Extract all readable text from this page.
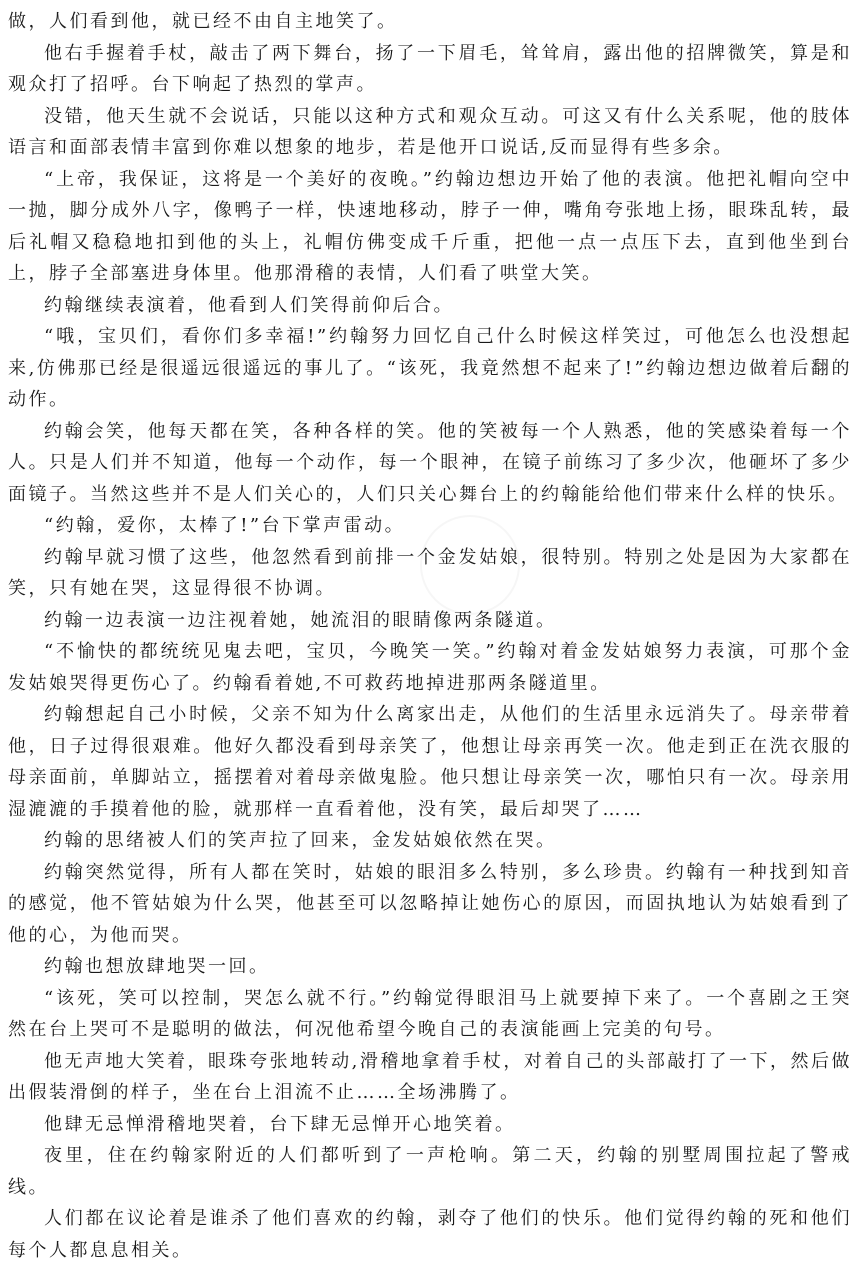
做，人们看到他，就已经不由自主地笑了。

他右手握着手杖，敲击了两下舞台，扬了一下眉毛，耸耸肩，露出他的招牌微笑，算是和观众打了招呼。台下响起了热烈的掌声。

没错，他天生就不会说话，只能以这种方式和观众互动。可这又有什么关系呢，他的肢体语言和面部表情丰富到你难以想象的地步，若是他开口说话,反而显得有些多余。

“上帝，我保证，这将是一个美好的夜晚。”约翰边想边开始了他的表演。他把礼帽向空中一抛，脚分成外八字，像鸭子一样，快速地移动，脖子一伸，嘴角夸张地上扬，眼珠乱转，最后礼帽又稳稳地扣到他的头上，礼帽仿佛变成千斤重，把他一点一点压下去，直到他坐到台上，脖子全部塞进身体里。他那滑稽的表情，人们看了哄堂大笑。

约翰继续表演着，他看到人们笑得前仰后合。

“哦，宝贝们，看你们多幸福!”约翰努力回忆自己什么时候这样笑过，可他怎么也没想起来,仿佛那已经是很遥远很遥远的事儿了。“该死，我竟然想不起来了!”约翰边想边做着后翻的动作。

约翰会笑，他每天都在笑，各种各样的笑。他的笑被每一个人熟悉，他的笑感染着每一个人。只是人们并不知道，他每一个动作，每一个眼神，在镜子前练习了多少次，他砸坏了多少面镜子。当然这些并不是人们关心的，人们只关心舞台上的约翰能给他们带来什么样的快乐。

“约翰，爱你，太棒了!”台下掌声雷动。

约翰早就习惯了这些，他忽然看到前排一个金发姑娘，很特别。特别之处是因为大家都在笑，只有她在哭，这显得很不协调。

约翰一边表演一边注视着她，她流泪的眼睛像两条隧道。

“不愉快的都统统见鬼去吧，宝贝，今晚笑一笑。”约翰对着金发姑娘努力表演，可那个金发姑娘哭得更伤心了。约翰看着她,不可救药地掉进那两条隧道里。

约翰想起自己小时候，父亲不知为什么离家出走，从他们的生活里永远消失了。母亲带着他，日子过得很艰难。他好久都没看到母亲笑了，他想让母亲再笑一次。他走到正在洗衣服的母亲面前，单脚站立，摇摆着对着母亲做鬼脸。他只想让母亲笑一次，哪怕只有一次。母亲用湿漉漉的手摸着他的脸，就那样一直看着他，没有笑，最后却哭了……

约翰的思绪被人们的笑声拉了回来，金发姑娘依然在哭。

约翰突然觉得，所有人都在笑时，姑娘的眼泪多么特别，多么珍贵。约翰有一种找到知音的感觉，他不管姑娘为什么哭，他甚至可以忽略掉让她伤心的原因，而固执地认为姑娘看到了他的心，为他而哭。

约翰也想放肆地哭一回。

“该死，笑可以控制，哭怎么就不行。”约翰觉得眼泪马上就要掉下来了。一个喜剧之王突然在台上哭可不是聪明的做法，何况他希望今晚自己的表演能画上完美的句号。

他无声地大笑着，眼珠夸张地转动,滑稽地拿着手杖，对着自己的头部敲打了一下，然后做出假装滑倒的样子，坐在台上泪流不止……全场沸腾了。

他肆无忌惮滑稽地哭着，台下肆无忌惮开心地笑着。

夜里，住在约翰家附近的人们都听到了一声枪响。第二天，约翰的别墅周围拉起了警戒线。

人们都在议论着是谁杀了他们喜欢的约翰，剥夺了他们的快乐。他们觉得约翰的死和他们每个人都息息相关。
